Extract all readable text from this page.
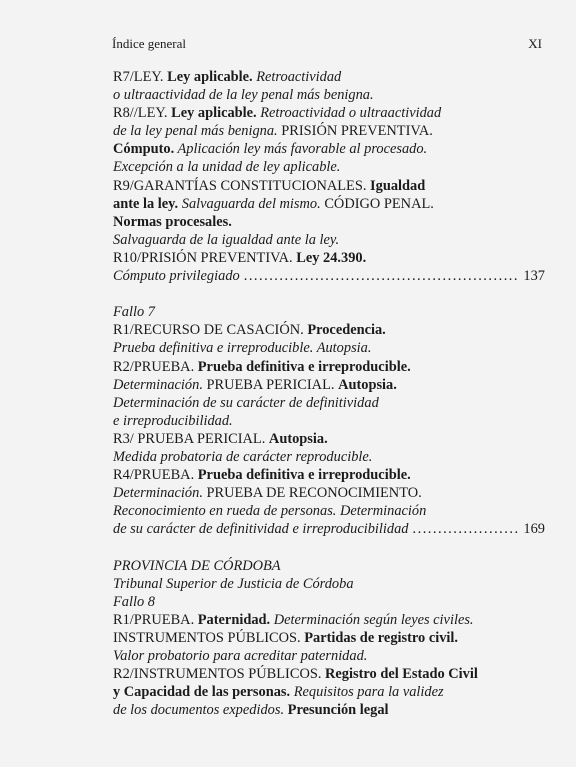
Índice general	XI
R7/LEY. Ley aplicable. Retroactividad
o ultraactividad de la ley penal más benigna.
R8//LEY. Ley aplicable. Retroactividad o ultraactividad
de la ley penal más benigna. PRISIÓN PREVENTIVA.
Cómputo. Aplicación ley más favorable al procesado.
Excepción a la unidad de ley aplicable.
R9/GARANTÍAS CONSTITUCIONALES. Igualdad
ante la ley. Salvaguarda del mismo. CÓDIGO PENAL.
Normas procesales.
Salvaguarda de la igualdad ante la ley.
R10/PRISIÓN PREVENTIVA. Ley 24.390.
Cómputo privilegiado .....	137
Fallo 7
R1/RECURSO DE CASACIÓN. Procedencia.
Prueba definitiva e irreproducible. Autopsia.
R2/PRUEBA. Prueba definitiva e irreproducible.
Determinación. PRUEBA PERICIAL. Autopsia.
Determinación de su carácter de definitividad
e irreproducibilidad.
R3/ PRUEBA PERICIAL. Autopsia.
Medida probatoria de carácter reproducible.
R4/PRUEBA. Prueba definitiva e irreproducible.
Determinación. PRUEBA DE RECONOCIMIENTO.
Reconocimiento en rueda de personas. Determinación
de su carácter de definitividad e irreproducibilidad .....	169
PROVINCIA DE CÓRDOBA
Tribunal Superior de Justicia de Córdoba
Fallo 8
R1/PRUEBA. Paternidad. Determinación según leyes civiles.
INSTRUMENTOS PÚBLICOS. Partidas de registro civil.
Valor probatorio para acreditar paternidad.
R2/INSTRUMENTOS PÚBLICOS. Registro del Estado Civil
y Capacidad de las personas. Requisitos para la validez
de los documentos expedidos. Presunción legal
